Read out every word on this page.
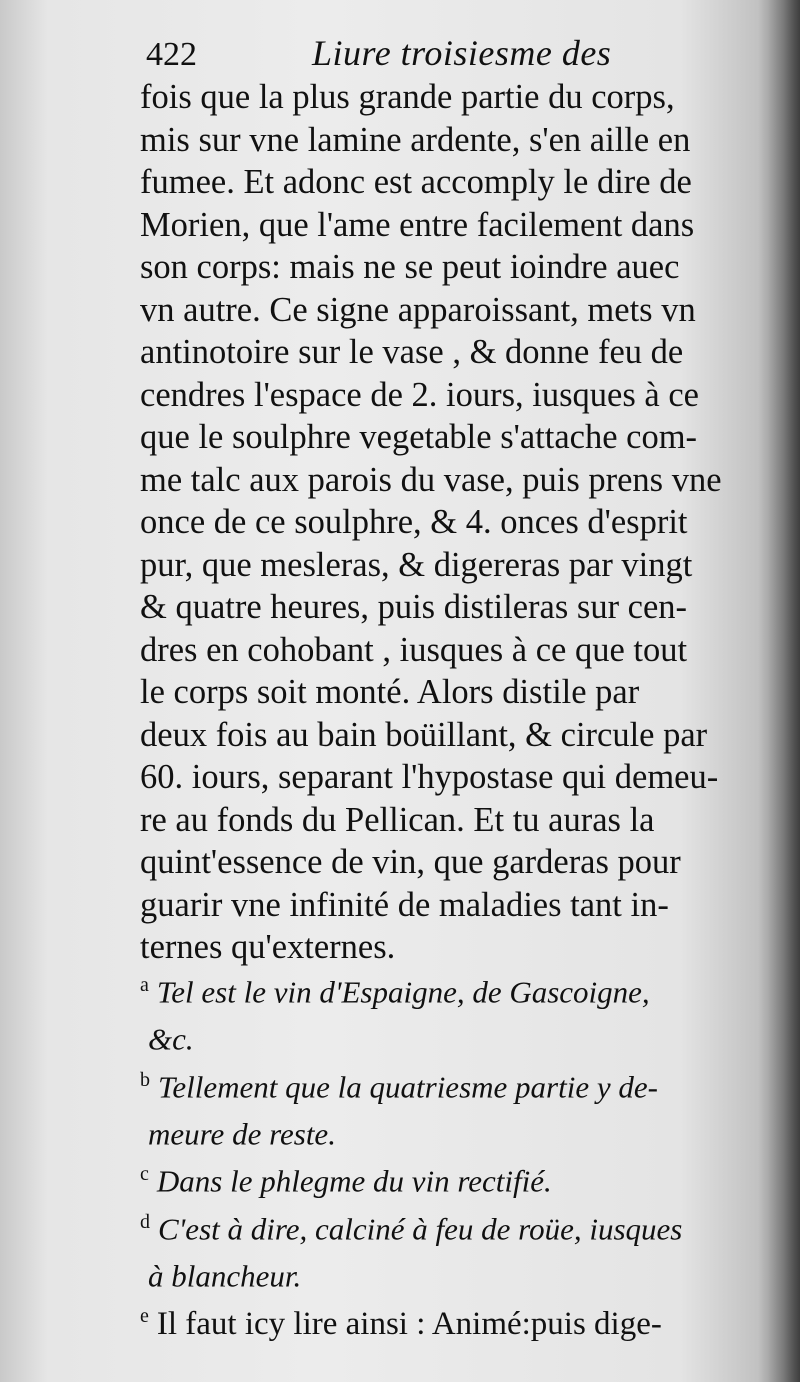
422	Liure troisiesme des
fois que la plus grande partie du corps,
mis sur vne lamine ardente, s'en aille en
fumee. Et adonc est accomply le dire de
Morien, que l'ame entre facilement dans
son corps: mais ne se peut ioindre auec
vn autre. Ce signe apparoissant, mets vn
antinotoire sur le vase , & donne feu de
cendres l'espace de 2. iours, iusques à ce
que le soulphre vegetable s'attache com-
me talc aux parois du vase, puis prens vne
once de ce soulphre, & 4. onces d'esprit
pur, que mesleras, & digereras par vingt
& quatre heures, puis distileras sur cen-
dres en cohobant , iusques à ce que tout
le corps soit monté. Alors distile par
deux fois au bain boüillant, & circule par
60. iours, separant l'hypostase qui demeu-
re au fonds du Pellican. Et tu auras la
quint'essence de vin, que garderas pour
guarir vne infinité de maladies tant in-
ternes qu'externes.
$^a$ Tel est le vin d'Espaigne, de Gascoigne,
&c.
$^b$ Tellement que la quatriesme partie y de-
meure de reste.
$^c$ Dans le phlegme du vin rectifié.
$^d$ C'est à dire, calciné à feu de roüe, iusques
à blancheur.
$^e$ Il faut icy lire ainsi : Animé:puis dige-
